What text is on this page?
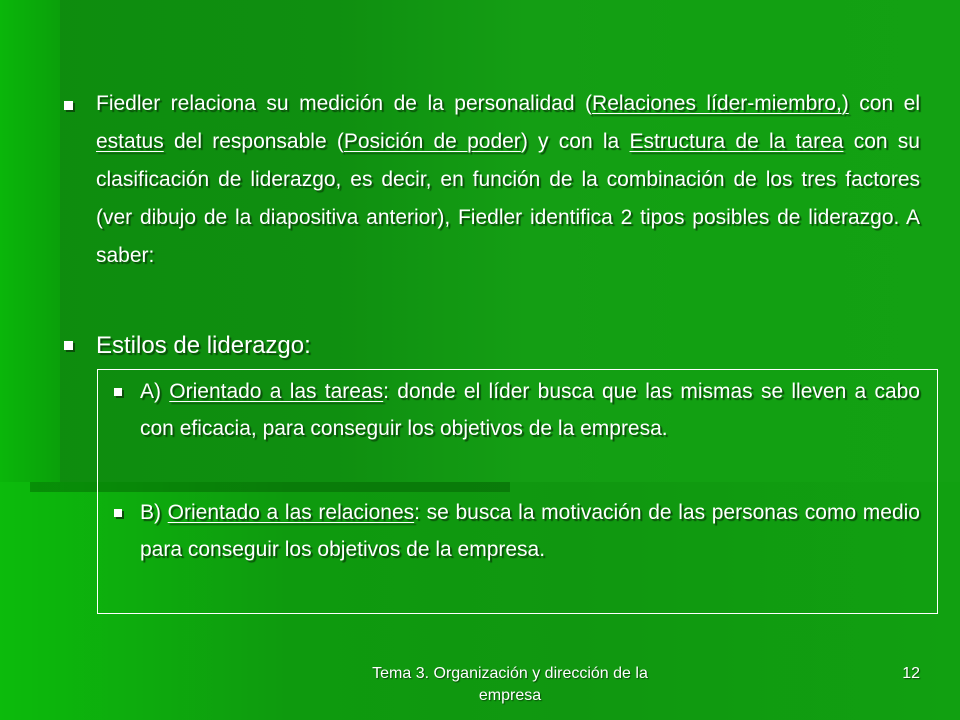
Fiedler relaciona su medición de la personalidad (Relaciones líder-miembro,) con el estatus del responsable (Posición de poder) y con la Estructura de la tarea con su clasificación de liderazgo, es decir, en función de la combinación de los tres factores (ver dibujo de la diapositiva anterior), Fiedler identifica 2 tipos posibles de liderazgo. A saber:

Estilos de liderazgo:

A) Orientado a las tareas: donde el líder busca que las mismas se lleven a cabo con eficacia, para conseguir los objetivos de la empresa.

B) Orientado a las relaciones: se busca la motivación de las personas como medio para conseguir los objetivos de la empresa.

Tema 3. Organización y dirección de la empresa
12
